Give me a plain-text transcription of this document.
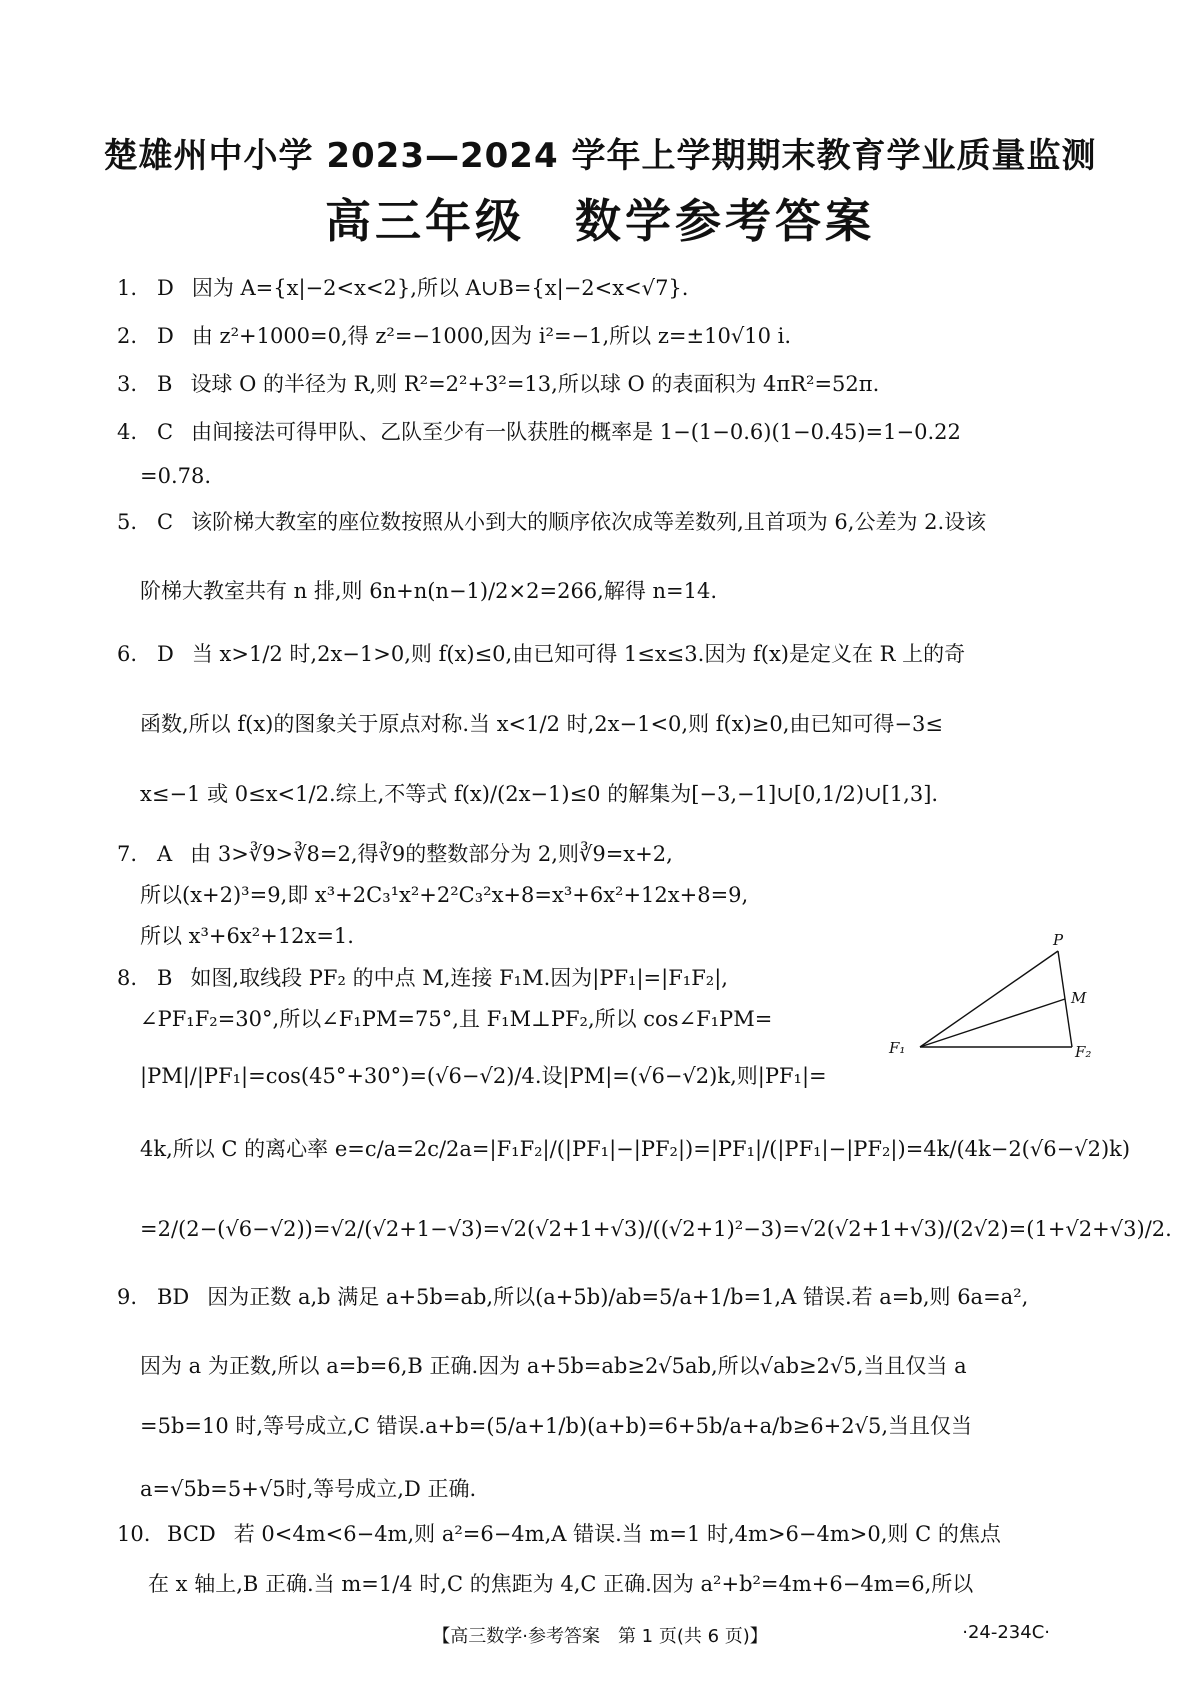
楚雄州中小学 2023—2024 学年上学期期末教育学业质量监测
高三年级　数学参考答案
1. D 因为 A={x|−2<x<2},所以 A∪B={x|−2<x<√7}.
2. D 由 z²+1000=0,得 z²=−1000,因为 i²=−1,所以 z=±10√10 i.
3. B 设球 O 的半径为 R,则 R²=2²+3²=13,所以球 O 的表面积为 4πR²=52π.
4. C 由间接法可得甲队、乙队至少有一队获胜的概率是 1−(1−0.6)(1−0.45)=1−0.22
=0.78.
5. C 该阶梯大教室的座位数按照从小到大的顺序依次成等差数列,且首项为 6,公差为 2.设该
阶梯大教室共有 n 排,则 6n+n(n−1)/2×2=266,解得 n=14.
6. D 当 x>1/2 时,2x−1>0,则 f(x)≤0,由已知可得 1≤x≤3.因为 f(x)是定义在 R 上的奇
函数,所以 f(x)的图象关于原点对称.当 x<1/2 时,2x−1<0,则 f(x)≥0,由已知可得−3≤
x≤−1 或 0≤x<1/2.综上,不等式 f(x)/(2x−1)≤0 的解集为[−3,−1]∪[0,1/2)∪[1,3].
7. A 由 3>∛9>∛8=2,得∛9的整数部分为 2,则∛9=x+2,
所以(x+2)³=9,即 x³+2C₃¹x²+2²C₃²x+8=x³+6x²+12x+8=9,
所以 x³+6x²+12x=1.
8. B 如图,取线段 PF₂ 的中点 M,连接 F₁M.因为|PF₁|=|F₁F₂|,
∠PF₁F₂=30°,所以∠F₁PM=75°,且 F₁M⊥PF₂,所以 cos∠F₁PM=
|PM|/|PF₁|=cos(45°+30°)=(√6−√2)/4.设|PM|=(√6−√2)k,则|PF₁|=
4k,所以 C 的离心率 e=c/a=2c/2a=|F₁F₂|/(|PF₁|−|PF₂|)=|PF₁|/(|PF₁|−|PF₂|)=4k/(4k−2(√6−√2)k)
=2/(2−(√6−√2))=√2/(√2+1−√3)=√2(√2+1+√3)/((√2+1)²−3)=√2(√2+1+√3)/(2√2)=(1+√2+√3)/2.
9. BD 因为正数 a,b 满足 a+5b=ab,所以(a+5b)/ab=5/a+1/b=1,A 错误.若 a=b,则 6a=a²,
因为 a 为正数,所以 a=b=6,B 正确.因为 a+5b=ab≥2√5ab,所以√ab≥2√5,当且仅当 a
=5b=10 时,等号成立,C 错误.a+b=(5/a+1/b)(a+b)=6+5b/a+a/b≥6+2√5,当且仅当
a=√5b=5+√5时,等号成立,D 正确.
10. BCD 若 0<4m<6−4m,则 a²=6−4m,A 错误.当 m=1 时,4m>6−4m>0,则 C 的焦点
在 x 轴上,B 正确.当 m=1/4 时,C 的焦距为 4,C 正确.因为 a²+b²=4m+6−4m=6,所以
P
M
F₁	F₂
【高三数学·参考答案　第 1 页(共 6 页)】	·24-234C·
